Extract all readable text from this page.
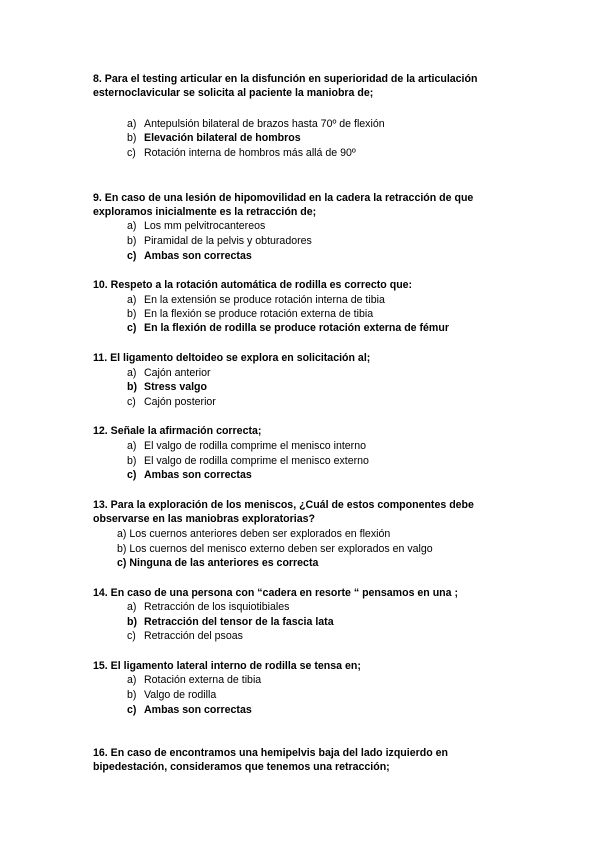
8. Para el testing articular en la disfunción en superioridad de la articulación esternoclavicular se solicita al paciente la maniobra de;
a) Antepulsión bilateral de brazos hasta 70º de flexión
b) Elevación bilateral de hombros
c) Rotación interna de hombros más allá de 90º
9. En caso de una lesión de hipomovilidad en la cadera la retracción de que exploramos inicialmente es la retracción de;
a) Los mm pelvitrocantereos
b) Piramidal de la pelvis y obturadores
c) Ambas son correctas
10. Respeto a la rotación automática de rodilla es correcto que:
a) En la extensión se produce rotación interna de tibia
b) En la flexión se produce rotación externa de tibia
c) En la flexión de rodilla se produce rotación externa de fémur
11. El ligamento deltoideo se explora en solicitación al;
a) Cajón anterior
b) Stress valgo
c) Cajón posterior
12. Señale la afirmación correcta;
a) El valgo de rodilla comprime el menisco interno
b) El valgo de rodilla comprime el menisco externo
c) Ambas son correctas
13. Para la exploración de los meniscos, ¿Cuál de estos componentes debe observarse en las maniobras exploratorias?
a) Los cuernos anteriores deben ser explorados en flexión
b) Los cuernos del menisco externo deben ser explorados en valgo
c) Ninguna de las anteriores es correcta
14. En caso de una persona con “cadera en resorte “ pensamos en una ;
a) Retracción de los isquiotibiales
b) Retracción del tensor de la fascia lata
c) Retracción del psoas
15. El ligamento lateral interno de rodilla se tensa en;
a) Rotación externa de tibia
b) Valgo de rodilla
c) Ambas son correctas
16. En caso de encontramos una hemipelvis baja del lado izquierdo en bipedestación, consideramos que tenemos una retracción;
